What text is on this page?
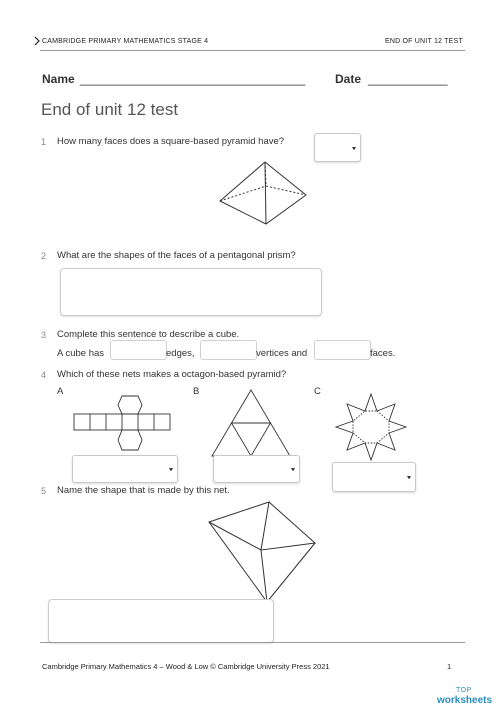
CAMBRIDGE PRIMARY MATHEMATICS STAGE 4	END OF UNIT 12 TEST
Name _____________________________________	Date _____________
End of unit 12 test
1 How many faces does a square-based pyramid have?
2 What are the shapes of the faces of a pentagonal prism?
3 Complete this sentence to describe a cube.
A cube has	edges,	vertices and	faces.
4 Which of these nets makes a octagon-based pyramid?
A	B	C
5 Name the shape that is made by this net.
Cambridge Primary Mathematics 4 – Wood & Low © Cambridge University Press 2021	1
TOP
worksheets
